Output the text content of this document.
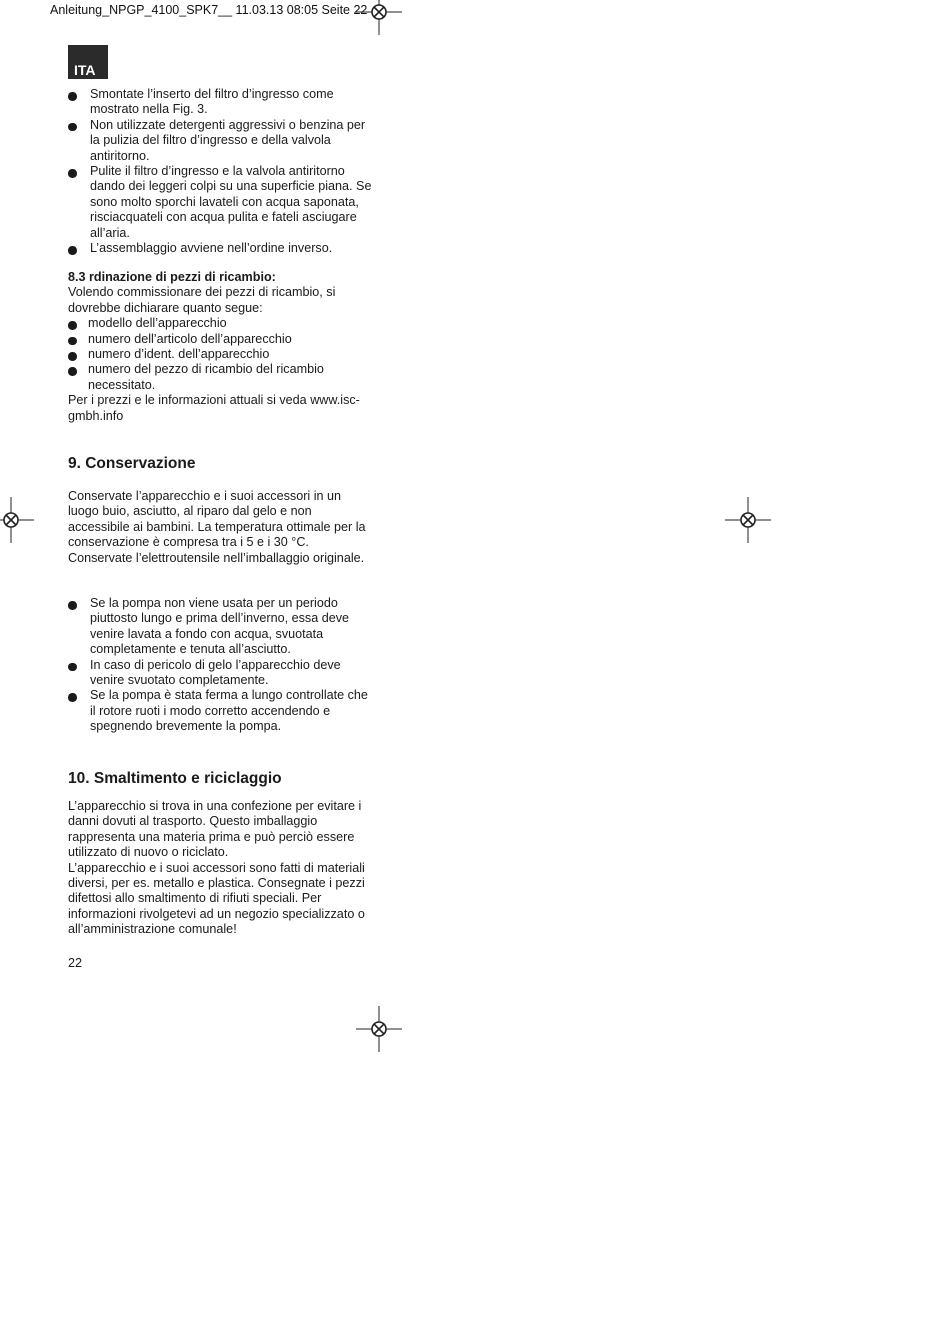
Anleitung_NPGP_4100_SPK7__ 11.03.13 08:05 Seite 22
ITA
Smontate l’inserto del filtro d’ingresso come mostrato nella Fig. 3.
Non utilizzate detergenti aggressivi o benzina per la pulizia del filtro d’ingresso e della valvola antiritorno.
Pulite il filtro d’ingresso e la valvola antiritorno dando dei leggeri colpi su una superficie piana. Se sono molto sporchi lavateli con acqua saponata, risciacquateli con acqua pulita e fateli asciugare all’aria.
L’assemblaggio avviene nell’ordine inverso.

8.3 rdinazione di pezzi di ricambio:

Volendo commissionare dei pezzi di ricambio, si dovrebbe dichiarare quanto segue:

modello dell’apparecchio
numero dell’articolo dell’apparecchio
numero d’ident. dell’apparecchio
numero del pezzo di ricambio del ricambio necessitato.

Per i prezzi e le informazioni attuali si veda www.isc-gmbh.info

9. Conservazione

Conservate l’apparecchio e i suoi accessori in un luogo buio, asciutto, al riparo dal gelo e non accessibile ai bambini. La temperatura ottimale per la conservazione è compresa tra i 5 e i 30 °C. Conservate l’elettroutensile nell’imballaggio originale.

Se la pompa non viene usata per un periodo piuttosto lungo e prima dell’inverno, essa deve venire lavata a fondo con acqua, svuotata completamente e tenuta all’asciutto.
In caso di pericolo di gelo l’apparecchio deve venire svuotato completamente.
Se la pompa è stata ferma a lungo controllate che il rotore ruoti i modo corretto accendendo e spegnendo brevemente la pompa.
10. Smaltimento e riciclaggio

L’apparecchio si trova in una confezione per evitare i danni dovuti al trasporto. Questo imballaggio rappresenta una materia prima e può perciò essere utilizzato di nuovo o riciclato.

L’apparecchio e i suoi accessori sono fatti di materiali diversi, per es. metallo e plastica. Consegnate i pezzi difettosi allo smaltimento di rifiuti speciali. Per informazioni rivolgetevi ad un negozio specializzato o all’amministrazione comunale!

22
